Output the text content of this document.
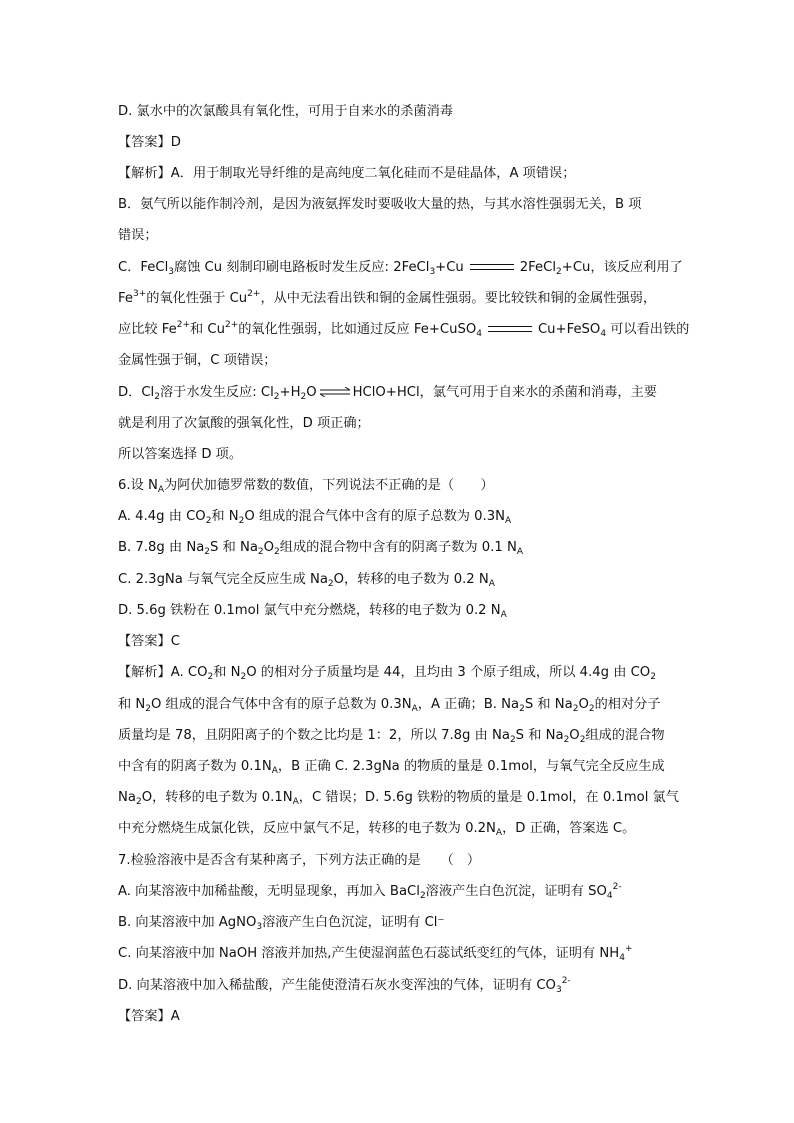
D. 氯水中的次氯酸具有氧化性，可用于自来水的杀菌消毒
【答案】D
【解析】A．用于制取光导纤维的是高纯度二氧化硅而不是硅晶体，A 项错误；
B．氨气所以能作制冷剂，是因为液氨挥发时要吸收大量的热，与其水溶性强弱无关，B 项
错误；
C．FeCl$_3$腐蚀 Cu 刻制印刷电路板时发生反应: 2FeCl$_3$+Cu	2FeCl$_2$+Cu，该反应利用了
$Fe^{3+}$的氧化性强于 $Cu^{2+}$，从中无法看出铁和铜的金属性强弱。要比较铁和铜的金属性强弱，
应比较 $Fe^{2+}$和 $Cu^{2+}$的氧化性强弱，比如通过反应 Fe+CuSO$_4$	Cu+FeSO$_4$ 可以看出铁的
金属性强于铜，C 项错误；
D．$Cl_2$溶于水发生反应: $Cl_2+H_2O$ ⇌ HClO+HCl，氯气可用于自来水的杀菌和消毒，主要
就是利用了次氯酸的强氧化性，D 项正确；
所以答案选择 D 项。
6.设 $N_A$为阿伏加德罗常数的数值，下列说法不正确的是（　　）
A. 4.4g 由 $CO_2$和 $N_2O$ 组成的混合气体中含有的原子总数为 $0.3N_A$
B. 7.8g 由 $Na_2S$ 和 $Na_2O_2$组成的混合物中含有的阴离子数为 0.1 $N_A$
C. 2.3gNa 与氧气完全反应生成 $Na_2O$，转移的电子数为 0.2 $N_A$
D. 5.6g 铁粉在 0.1mol 氯气中充分燃烧，转移的电子数为 0.2 $N_A$
【答案】C
【解析】A. $CO_2$和 $N_2O$ 的相对分子质量均是 44，且均由 3 个原子组成，所以 4.4g 由 $CO_2$
和 $N_2O$ 组成的混合气体中含有的原子总数为 $0.3N_A$，A 正确；B. $Na_2S$ 和 $Na_2O_2$的相对分子
质量均是 78，且阴阳离子的个数之比均是 1：2，所以 7.8g 由 $Na_2S$ 和 $Na_2O_2$组成的混合物
中含有的阴离子数为 $0.1N_A$，B 正确 C. 2.3gNa 的物质的量是 0.1mol，与氧气完全反应生成
$Na_2O$，转移的电子数为 $0.1N_A$，C 错误；D. 5.6g 铁粉的物质的量是 0.1mol，在 0.1mol 氯气
中充分燃烧生成氯化铁，反应中氯气不足，转移的电子数为 $0.2N_A$，D 正确，答案选 C。
7.检验溶液中是否含有某种离子，下列方法正确的是　　（　）
A. 向某溶液中加稀盐酸，无明显现象，再加入 BaCl$_2$溶液产生白色沉淀，证明有 $SO_4^{2-}$
B. 向某溶液中加 AgNO$_3$溶液产生白色沉淀，证明有 Cl⁻
C. 向某溶液中加 NaOH 溶液并加热,产生使湿润蓝色石蕊试纸变红的气体，证明有 $NH_4^+$
D. 向某溶液中加入稀盐酸，产生能使澄清石灰水变浑浊的气体，证明有 $CO_3^{2-}$
【答案】A
